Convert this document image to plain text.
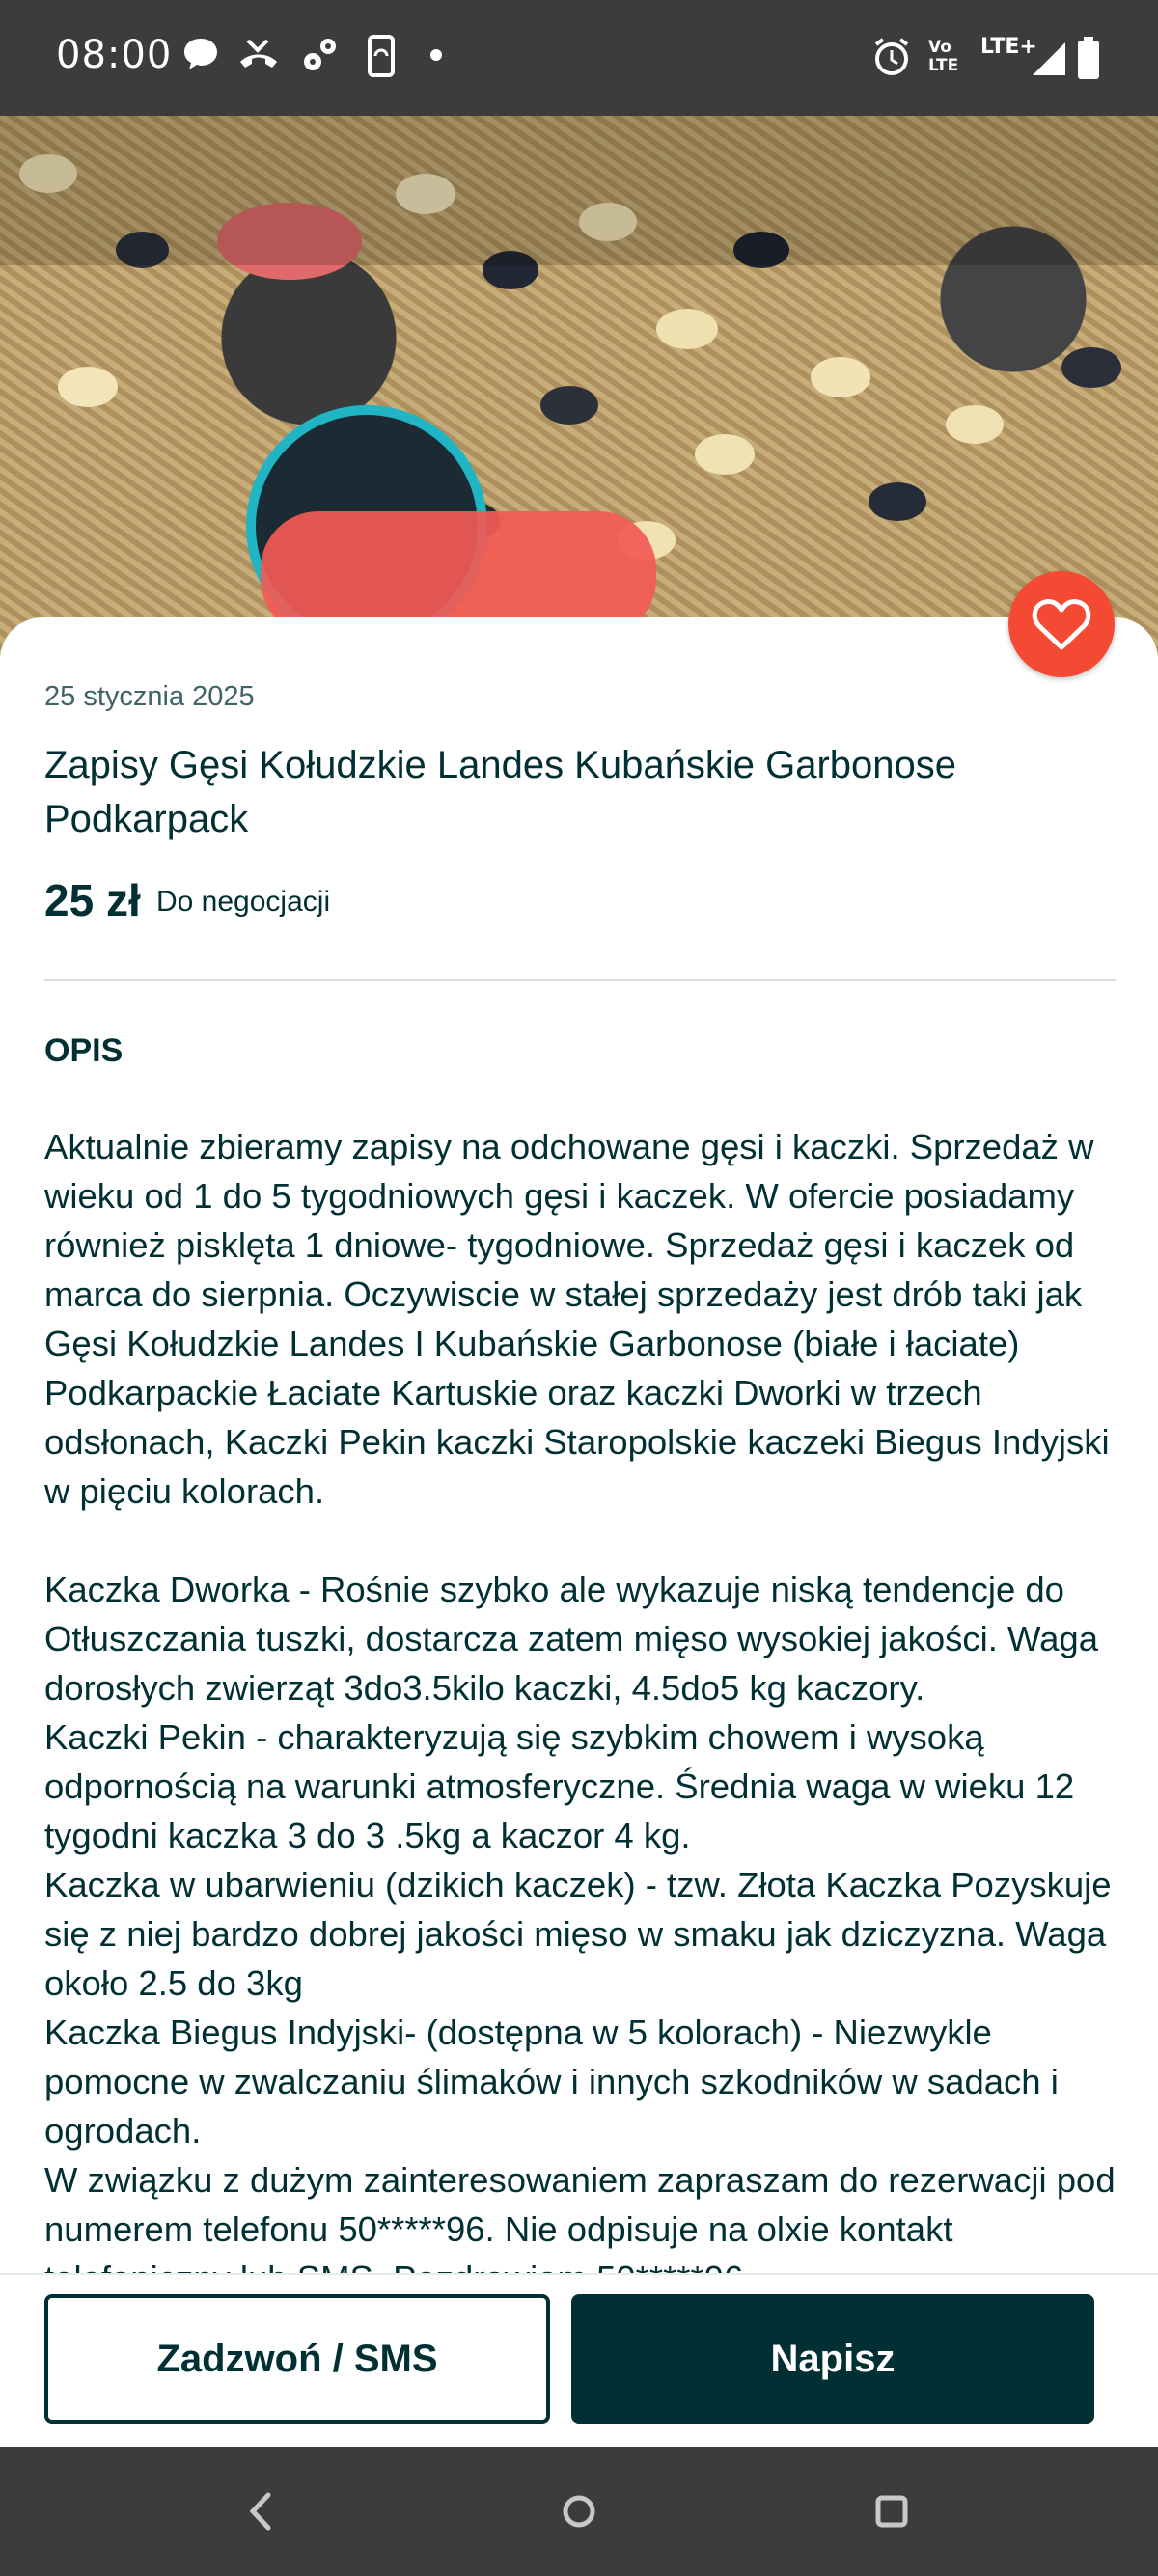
08:00	Vo LTE
LTE+
25 stycznia 2025
Zapisy Gęsi Kołudzkie Landes Kubańskie Garbonose Podkarpack
25 zł Do negocjacji
OPIS
Aktualnie zbieramy zapisy na odchowane gęsi i kaczki. Sprzedaż w wieku od 1 do 5 tygodniowych gęsi i kaczek. W ofercie posiadamy również pisklęta 1 dniowe- tygodniowe. Sprzedaż gęsi i kaczek od marca do sierpnia. Oczywiscie w stałej sprzedaży jest drób taki jak Gęsi Kołudzkie Landes I Kubańskie Garbonose (białe i łaciate) Podkarpackie Łaciate Kartuskie oraz kaczki Dworki w trzech odsłonach, Kaczki Pekin kaczki Staropolskie kaczeki Biegus Indyjski w pięciu kolorach.

Kaczka Dworka - Rośnie szybko ale wykazuje niską tendencje do Otłuszczania tuszki, dostarcza zatem mięso wysokiej jakości. Waga dorosłych zwierząt 3do3.5kilo kaczki, 4.5do5 kg kaczory.
Kaczki Pekin - charakteryzują się szybkim chowem i wysoką odpornością na warunki atmosferyczne. Średnia waga w wieku 12 tygodni kaczka 3 do 3 .5kg a kaczor 4 kg.
Kaczka w ubarwieniu (dzikich kaczek) - tzw. Złota Kaczka Pozyskuje się z niej bardzo dobrej jakości mięso w smaku jak dziczyzna. Waga około 2.5 do 3kg
Kaczka Biegus Indyjski- (dostępna w 5 kolorach) - Niezwykle pomocne w zwalczaniu ślimaków i innych szkodników w sadach i ogrodach.
W związku z dużym zainteresowaniem zapraszam do rezerwacji pod numerem telefonu 50*****96. Nie odpisuje na olxie kontakt
Zadzwoń / SMS	Napisz
